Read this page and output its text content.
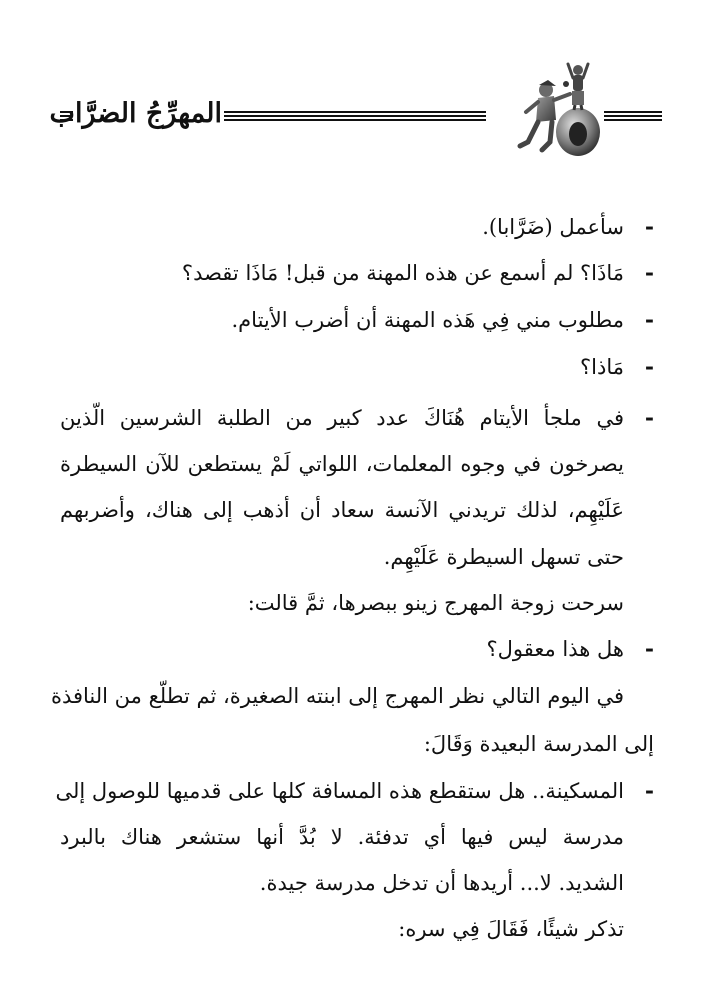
المهرِّجُ الضرَّاب
-
سأعمل (ضَرَّابا).
-
مَاذَا؟ لم أسمع عن هذه المهنة من قبل! مَاذَا تقصد؟
-
مطلوب مني فِي هَذه المهنة أن أضرب الأيتام.
-
مَاذا؟
-
في ملجأ الأيتام هُنَاكَ عدد كبير من الطلبة الشرسين الّذين
يصرخون في وجوه المعلمات، اللواتي لَمْ يستطعن للآن السيطرة
عَلَيْهِم، لذلك تريدني الآنسة سعاد أن أذهب إلى هناك، وأضربهم
حتى تسهل السيطرة عَلَيْهِم.
سرحت زوجة المهرج زينو ببصرها، ثمَّ قالت:
-
هل هذا معقول؟
في اليوم التالي نظر المهرج إلى ابنته الصغيرة، ثم تطلّع من النافذة
إلى المدرسة البعيدة وَقَالَ:
-
المسكينة.. هل ستقطع هذه المسافة كلها على قدميها للوصول إلى
مدرسة ليس فيها أي تدفئة. لا بُدَّ أنها ستشعر هناك بالبرد
الشديد. لا... أريدها أن تدخل مدرسة جيدة.
تذكر شيئًا، فَقَالَ فِي سره:
